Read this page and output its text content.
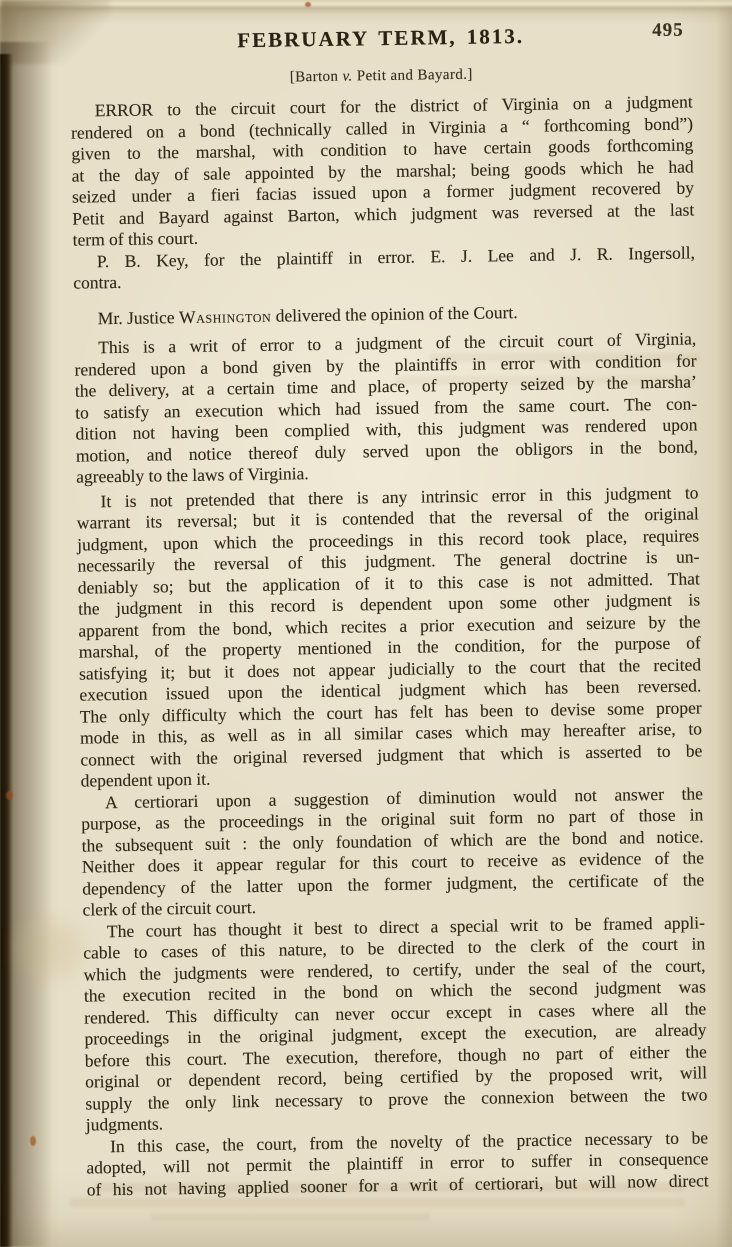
495
FEBRUARY TERM, 1813.
[Barton v. Petit and Bayard.]
ERROR to the circuit court for the district of Virginia on a judgment
rendered on a bond (technically called in Virginia a “ forthcoming bond”)
given to the marshal, with condition to have certain goods forthcoming
at the day of sale appointed by the marshal; being goods which he had
seized under a fieri facias issued upon a former judgment recovered by
Petit and Bayard against Barton, which judgment was reversed at the last
term of this court.
P. B. Key, for the plaintiff in error. E. J. Lee and J. R. Ingersoll,
contra.
Mr. Justice Washington delivered the opinion of the Court.
This is a writ of error to a judgment of the circuit court of Virginia,
rendered upon a bond given by the plaintiffs in error with condition for
the delivery, at a certain time and place, of property seized by the marsha’
to satisfy an execution which had issued from the same court. The con-
dition not having been complied with, this judgment was rendered upon
motion, and notice thereof duly served upon the obligors in the bond,
agreeably to the laws of Virginia.
It is not pretended that there is any intrinsic error in this judgment to
warrant its reversal; but it is contended that the reversal of the original
judgment, upon which the proceedings in this record took place, requires
necessarily the reversal of this judgment. The general doctrine is un-
deniably so; but the application of it to this case is not admitted. That
the judgment in this record is dependent upon some other judgment is
apparent from the bond, which recites a prior execution and seizure by the
marshal, of the property mentioned in the condition, for the purpose of
satisfying it; but it does not appear judicially to the court that the recited
execution issued upon the identical judgment which has been reversed.
The only difficulty which the court has felt has been to devise some proper
mode in this, as well as in all similar cases which may hereafter arise, to
connect with the original reversed judgment that which is asserted to be
dependent upon it.
A certiorari upon a suggestion of diminution would not answer the
purpose, as the proceedings in the original suit form no part of those in
the subsequent suit : the only foundation of which are the bond and notice.
Neither does it appear regular for this court to receive as evidence of the
dependency of the latter upon the former judgment, the certificate of the
clerk of the circuit court.
The court has thought it best to direct a special writ to be framed appli-
cable to cases of this nature, to be directed to the clerk of the court in
which the judgments were rendered, to certify, under the seal of the court,
the execution recited in the bond on which the second judgment was
rendered. This difficulty can never occur except in cases where all the
proceedings in the original judgment, except the execution, are already
before this court. The execution, therefore, though no part of either the
original or dependent record, being certified by the proposed writ, will
supply the only link necessary to prove the connexion between the two
judgments.
In this case, the court, from the novelty of the practice necessary to be
adopted, will not permit the plaintiff in error to suffer in consequence
of his not having applied sooner for a writ of certiorari, but will now direct
